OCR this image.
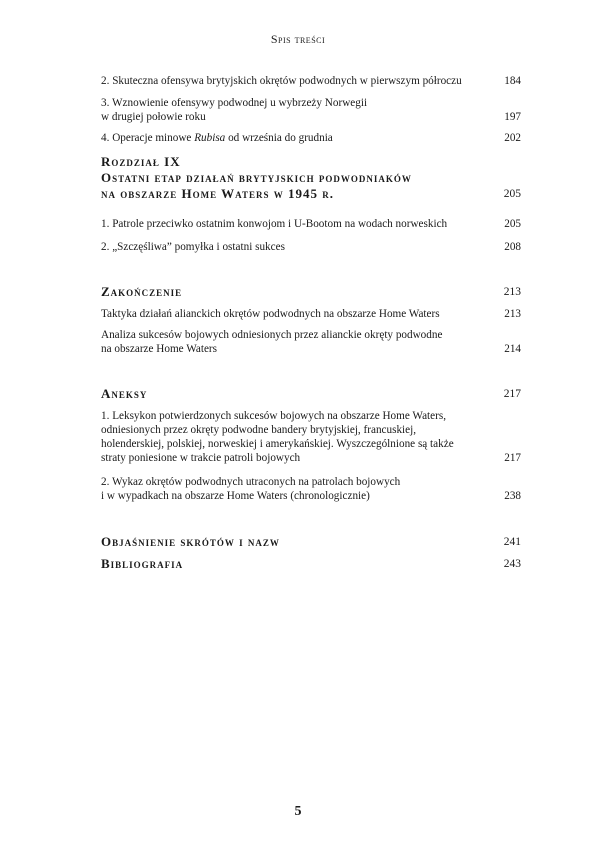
Spis treści
2. Skuteczna ofensywa brytyjskich okrętów podwodnych w pierwszym półroczu	184
3. Wznowienie ofensywy podwodnej u wybrzeży Norwegii
w drugiej połowie roku	197
4. Operacje minowe Rubisa od września do grudnia	202
Rozdział IX
Ostatni etap działań brytyjskich podwodniaków
na obszarze Home Waters w 1945 r.	205
1. Patrole przeciwko ostatnim konwojom i U-Bootom na wodach norweskich	205
2. „Szczęśliwa” pomyłka i ostatni sukces	208
Zakończenie	213
Taktyka działań alianckich okrętów podwodnych na obszarze Home Waters	213
Analiza sukcesów bojowych odniesionych przez alianckie okręty podwodne
na obszarze Home Waters	214
Aneksy	217
1. Leksykon potwierdzonych sukcesów bojowych na obszarze Home Waters,
odniesionych przez okręty podwodne bandery brytyjskiej, francuskiej,
holenderskiej, polskiej, norweskiej i amerykańskiej. Wyszczególnione są także
straty poniesione w trakcie patroli bojowych	217
2. Wykaz okrętów podwodnych utraconych na patrolach bojowych
i w wypadkach na obszarze Home Waters (chronologicznie)	238
Objaśnienie skrótów i nazw	241
Bibliografia	243
5
